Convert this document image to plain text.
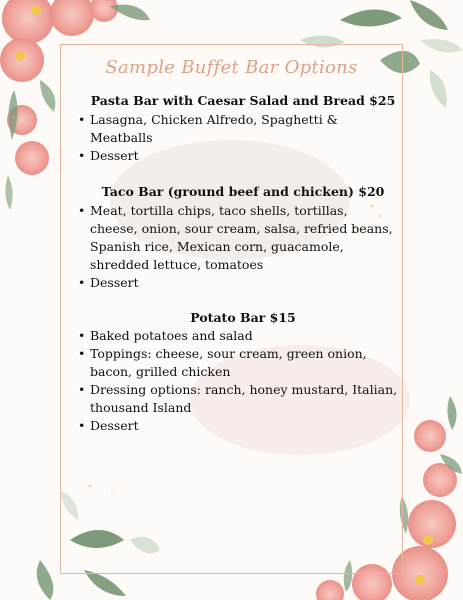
Sample Buffet Bar Options
Pasta Bar with Caesar Salad and Bread $25
• Lasagna, Chicken Alfredo, Spaghetti & Meatballs
• Dessert
Taco Bar (ground beef and chicken) $20
• Meat, tortilla chips, taco shells, tortillas, cheese, onion, sour cream, salsa, refried beans, Spanish rice, Mexican corn, guacamole, shredded lettuce, tomatoes
• Dessert
Potato Bar $15
• Baked potatoes and salad
• Toppings: cheese, sour cream, green onion, bacon, grilled chicken
• Dressing options: ranch, honey mustard, Italian, thousand Island
• Dessert
